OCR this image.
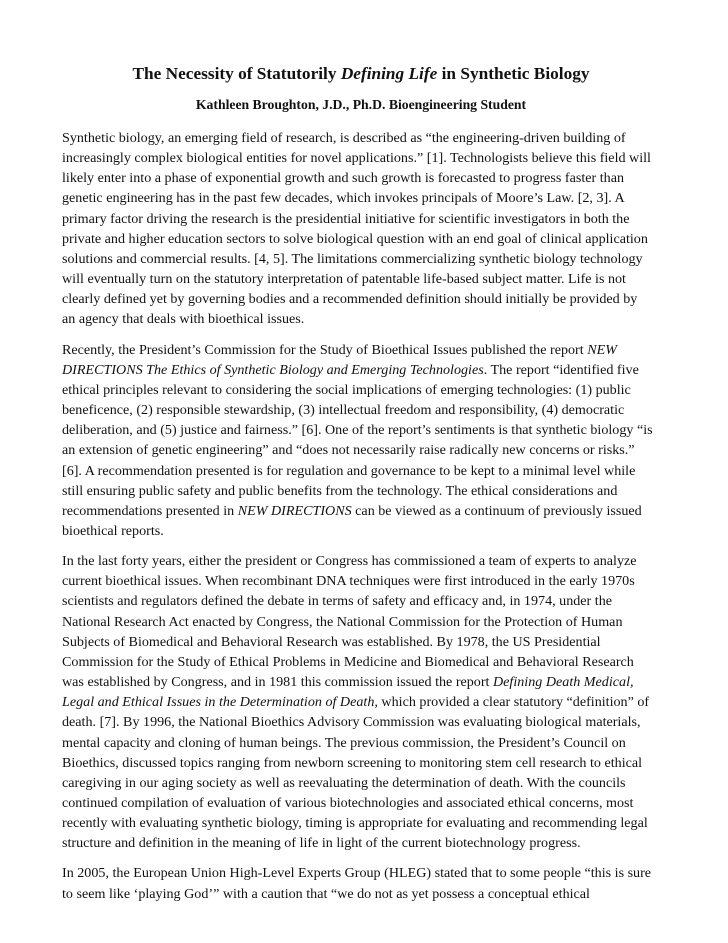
The Necessity of Statutorily Defining Life in Synthetic Biology

Kathleen Broughton, J.D., Ph.D. Bioengineering Student

Synthetic biology, an emerging field of research, is described as “the engineering-driven building of
increasingly complex biological entities for novel applications.” [1]. Technologists believe this field will
likely enter into a phase of exponential growth and such growth is forecasted to progress faster than
genetic engineering has in the past few decades, which invokes principals of Moore’s Law. [2, 3]. A
primary factor driving the research is the presidential initiative for scientific investigators in both the
private and higher education sectors to solve biological question with an end goal of clinical application
solutions and commercial results. [4, 5]. The limitations commercializing synthetic biology technology
will eventually turn on the statutory interpretation of patentable life-based subject matter. Life is not
clearly defined yet by governing bodies and a recommended definition should initially be provided by
an agency that deals with bioethical issues.

Recently, the President’s Commission for the Study of Bioethical Issues published the report NEW
DIRECTIONS The Ethics of Synthetic Biology and Emerging Technologies. The report “identified five
ethical principles relevant to considering the social implications of emerging technologies: (1) public
beneficence, (2) responsible stewardship, (3) intellectual freedom and responsibility, (4) democratic
deliberation, and (5) justice and fairness.” [6]. One of the report’s sentiments is that synthetic biology “is
an extension of genetic engineering” and “does not necessarily raise radically new concerns or risks.”
[6]. A recommendation presented is for regulation and governance to be kept to a minimal level while
still ensuring public safety and public benefits from the technology. The ethical considerations and
recommendations presented in NEW DIRECTIONS can be viewed as a continuum of previously issued
bioethical reports.

In the last forty years, either the president or Congress has commissioned a team of experts to analyze
current bioethical issues. When recombinant DNA techniques were first introduced in the early 1970s
scientists and regulators defined the debate in terms of safety and efficacy and, in 1974, under the
National Research Act enacted by Congress, the National Commission for the Protection of Human
Subjects of Biomedical and Behavioral Research was established. By 1978, the US Presidential
Commission for the Study of Ethical Problems in Medicine and Biomedical and Behavioral Research
was established by Congress, and in 1981 this commission issued the report Defining Death Medical,
Legal and Ethical Issues in the Determination of Death, which provided a clear statutory “definition” of
death. [7]. By 1996, the National Bioethics Advisory Commission was evaluating biological materials,
mental capacity and cloning of human beings. The previous commission, the President’s Council on
Bioethics, discussed topics ranging from newborn screening to monitoring stem cell research to ethical
caregiving in our aging society as well as reevaluating the determination of death. With the councils
continued compilation of evaluation of various biotechnologies and associated ethical concerns, most
recently with evaluating synthetic biology, timing is appropriate for evaluating and recommending legal
structure and definition in the meaning of life in light of the current biotechnology progress.

In 2005, the European Union High-Level Experts Group (HLEG) stated that to some people “this is sure
to seem like ‘playing God’” with a caution that “we do not as yet possess a conceptual ethical
